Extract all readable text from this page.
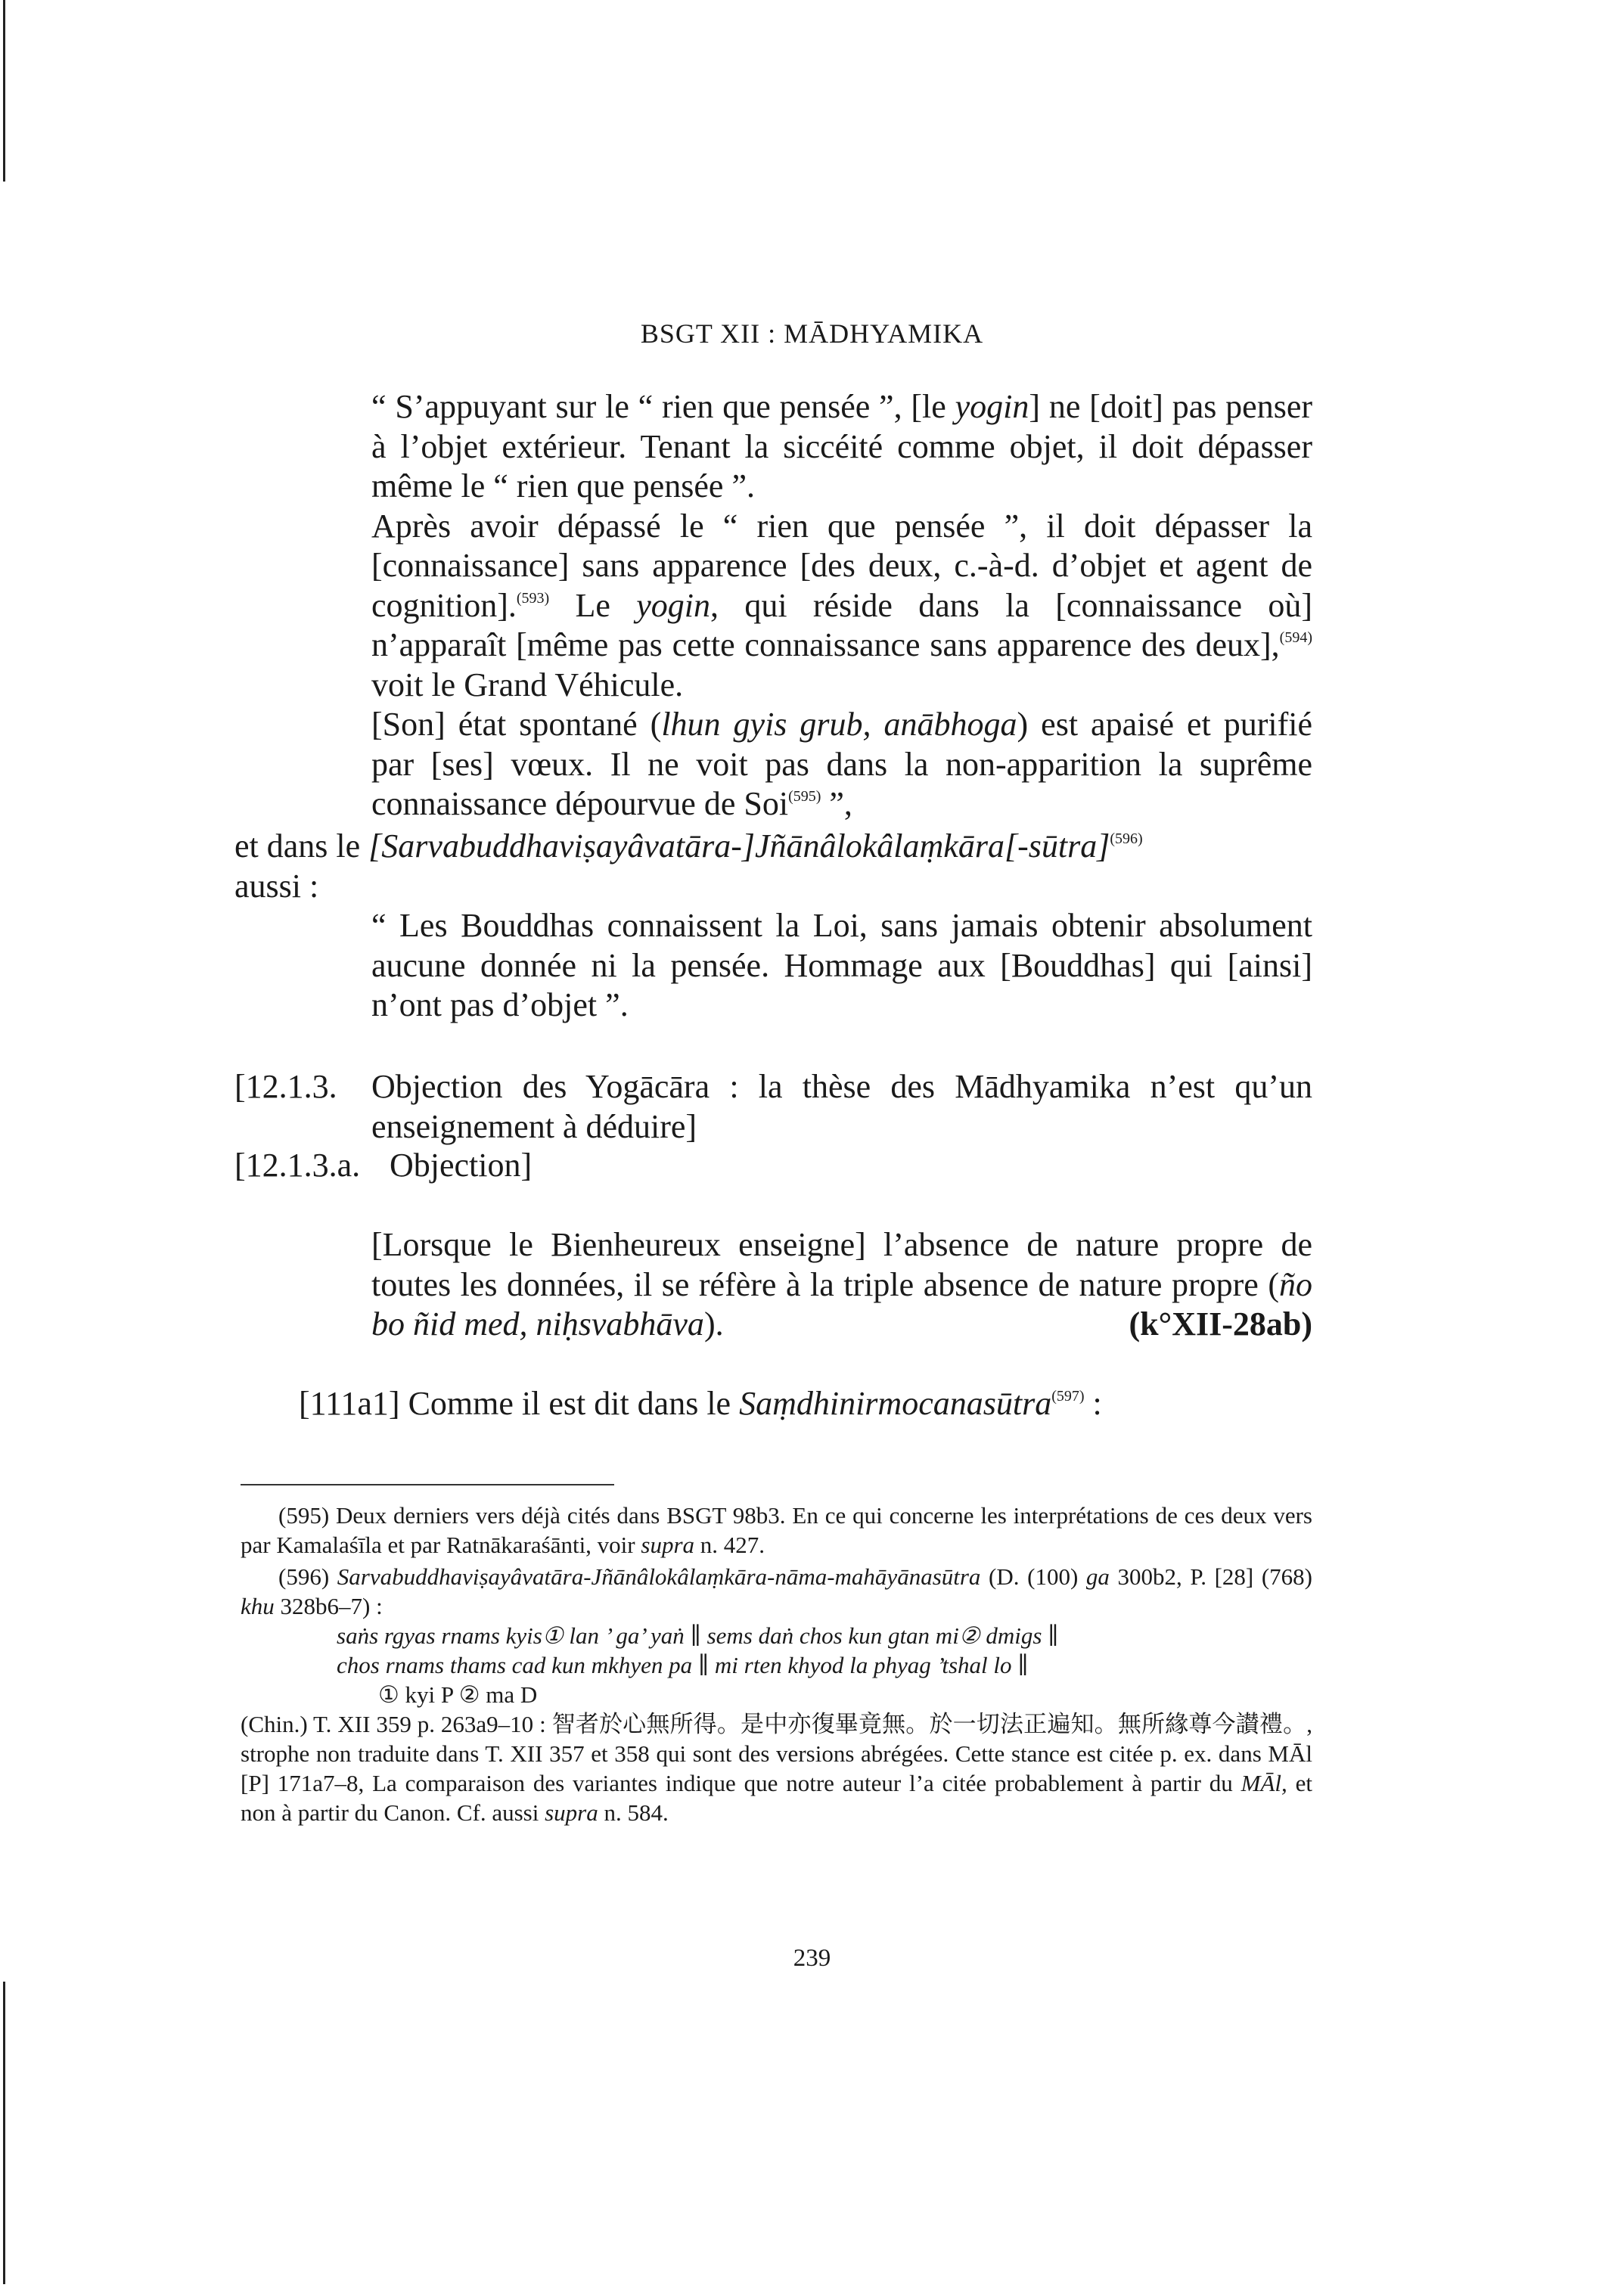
BSGT XII : MĀDHYAMIKA
“ S’appuyant sur le “ rien que pensée ”, [le yogin] ne [doit] pas penser à l’objet extérieur. Tenant la siccéité comme objet, il doit dépasser même le “ rien que pensée ”.
Après avoir dépassé le “ rien que pensée ”, il doit dépasser la [connaissance] sans apparence [des deux, c.-à-d. d’objet et agent de cognition].$^{(593)}$ Le yogin, qui réside dans la [connaissance où] n’apparaît [même pas cette connaissance sans apparence des deux],$^{(594)}$ voit le Grand Véhicule.
[Son] état spontané (lhun gyis grub, anābhoga) est apaisé et purifié par [ses] vœux. Il ne voit pas dans la non-apparition la suprême connaissance dépourvue de Soi$^{(595)}$ ”,
et dans le [Sarvabuddhaviṣayâvatāra-]Jñānâlokâlaṃkāra[-sūtra]$^{(596)}$
aussi :
“ Les Bouddhas connaissent la Loi, sans jamais obtenir absolument aucune donnée ni la pensée. Hommage aux [Bouddhas] qui [ainsi] n’ont pas d’objet ”.
[12.1.3. Objection des Yogācāra : la thèse des Mādhyamika n’est qu’un enseignement à déduire]
[12.1.3.a. Objection]
[Lorsque le Bienheureux enseigne] l’absence de nature propre de toutes les données, il se réfère à la triple absence de nature propre (ño bo ñid med, niḥsvabhāva).	(k°XII-28ab)
[111a1] Comme il est dit dans le Saṃdhinirmocanasūtra$^{(597)}$ :
(595) Deux derniers vers déjà cités dans BSGT 98b3. En ce qui concerne les interprétations de ces deux vers par Kamalaśīla et par Ratnākaraśānti, voir supra n. 427.
(596) Sarvabuddhaviṣayâvatāra-Jñānâlokâlaṃkāra-nāma-mahāyānasūtra (D. (100) ga 300b2, P. [28] (768) khu 328b6–7) :
saṅs rgyas rnams kyis① lan ’ ga’ yaṅ ∥ sems daṅ chos kun gtan mi② dmigs ∥
chos rnams thams cad kun mkhyen pa ∥ mi rten khyod la phyag ’tshal lo ∥
① kyi P ② ma D
(Chin.) T. XII 359 p. 263a9–10 : 智者於心無所得。是中亦復畢竟無。於一切法正遍知。無所緣尊今讃禮。, strophe non traduite dans T. XII 357 et 358 qui sont des versions abrégées. Cette stance est citée p. ex. dans MĀl [P] 171a7–8, La comparaison des variantes indique que notre auteur l’a citée probablement à partir du MĀl, et non à partir du Canon. Cf. aussi supra n. 584.
239
